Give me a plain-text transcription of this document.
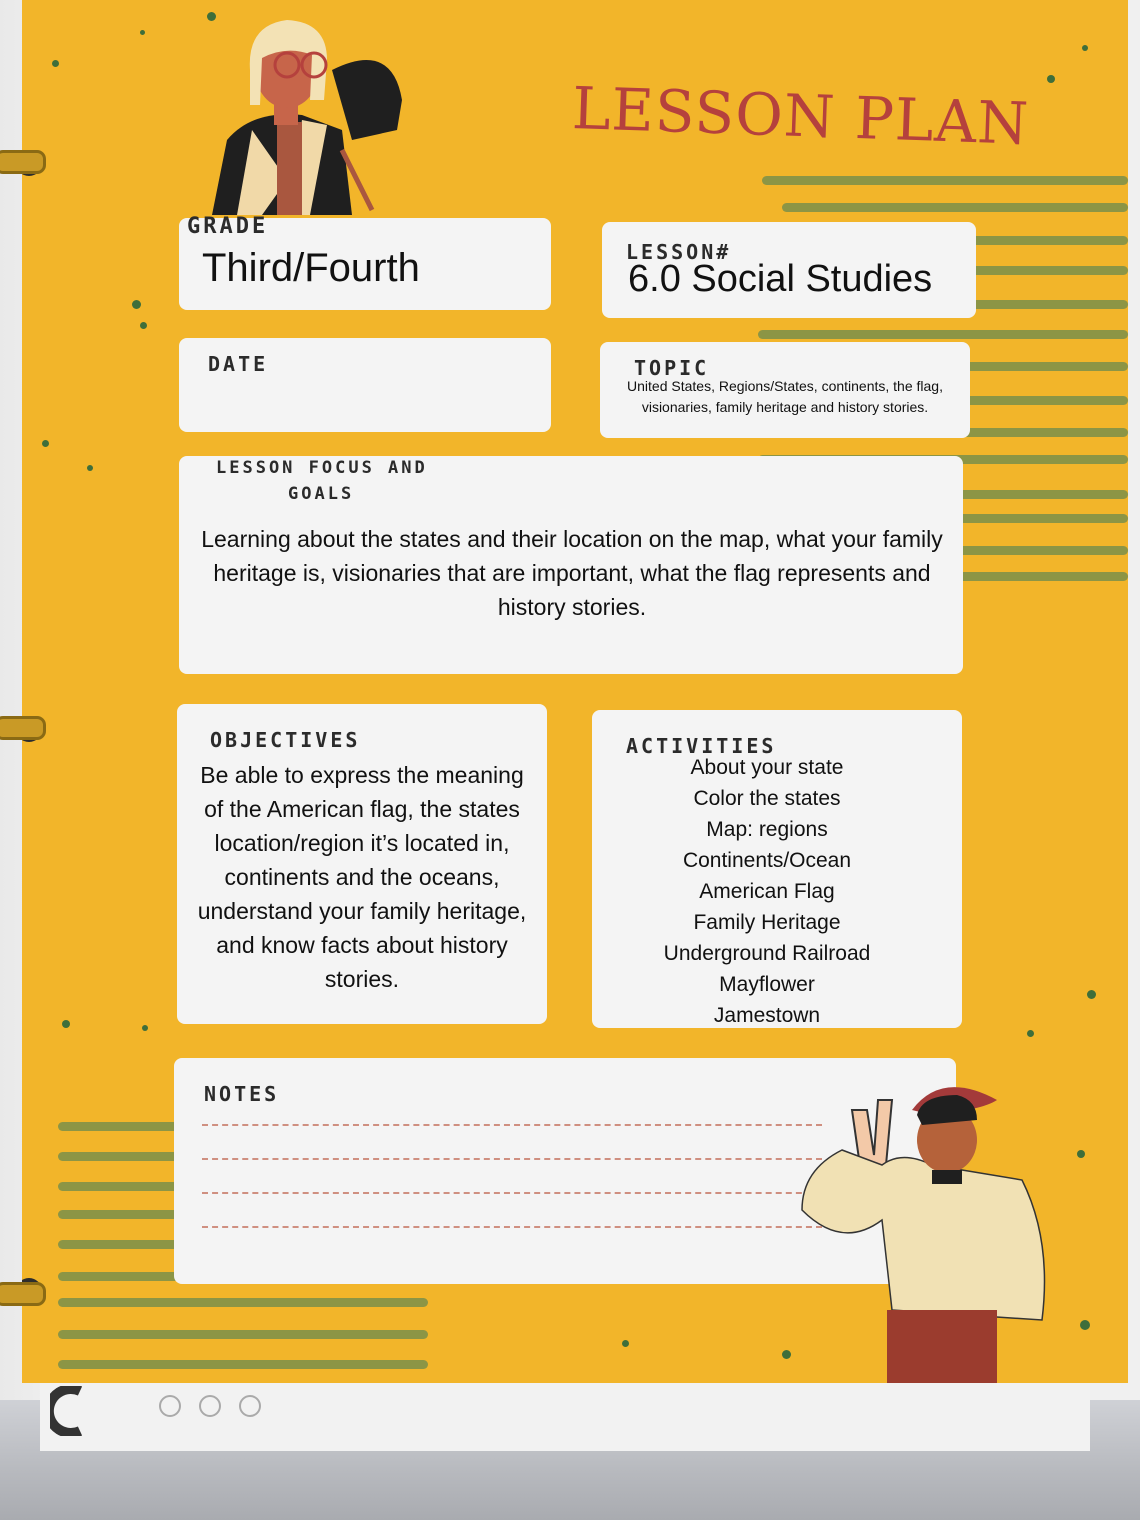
LESSON PLAN
GRADE
Third/Fourth	LESSON#
6.0 Social Studies
DATE	TOPIC
United States, Regions/States, continents, the flag, visionaries, family heritage and history stories.
LESSON FOCUS AND
GOALS
Learning about the states and their location on the map, what your family heritage is, visionaries that are important, what the flag represents and history stories.
OBJECTIVES
Be able to express the meaning of the American flag, the states location/region it’s located in, continents and the oceans, understand your family heritage, and know facts about history stories.
ACTIVITIES
About your state
Color the states
Map: regions
Continents/Ocean
American Flag
Family Heritage
Underground Railroad
Mayflower
Jamestown
NOTES
